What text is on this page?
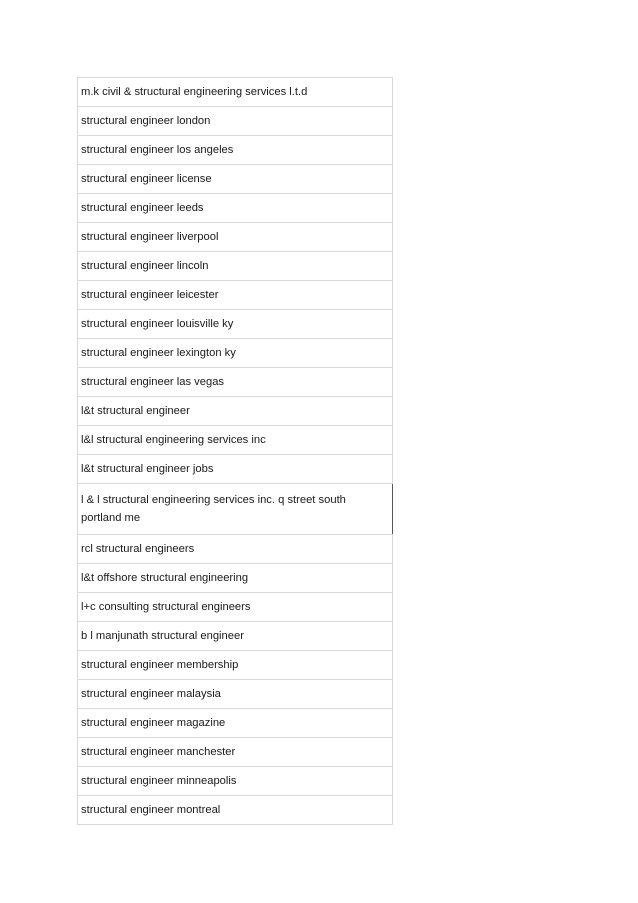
m.k civil & structural engineering services l.t.d
structural engineer london
structural engineer los angeles
structural engineer license
structural engineer leeds
structural engineer liverpool
structural engineer lincoln
structural engineer leicester
structural engineer louisville ky
structural engineer lexington ky
structural engineer las vegas
l&t structural engineer
l&l structural engineering services inc
l&t structural engineer jobs
l & l structural engineering services inc. q street south portland me
rcl structural engineers
l&t offshore structural engineering
l+c consulting structural engineers
b l manjunath structural engineer
structural engineer membership
structural engineer malaysia
structural engineer magazine
structural engineer manchester
structural engineer minneapolis
structural engineer montreal
